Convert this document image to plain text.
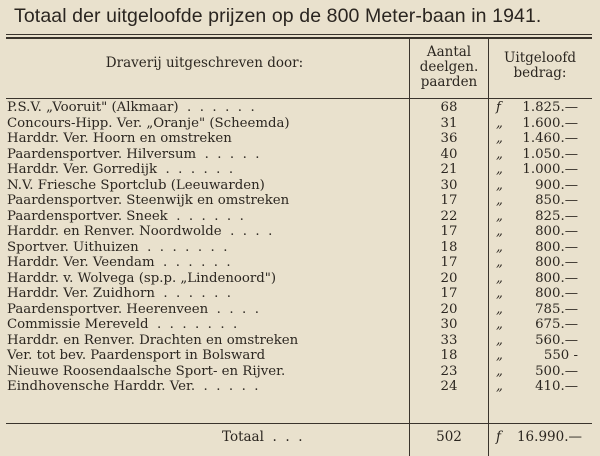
Totaal der uitgeloofde prijzen op de 800 Meter-baan in 1941.
Draverij uitgeschreven door:
Aantal
deelgen.
paarden
Uitgeloofd
bedrag:
P.S.V. „Vooruit" (Alkmaar)  .  .  .  .  .  .	68	f	1.825.—
Concours-Hipp. Ver. „Oranje" (Scheemda)	31	„	1.600.—
Harddr. Ver. Hoorn en omstreken	36	„	1.460.—
Paardensportver. Hilversum  .  .  .  .  .	40	„	1.050.—
Harddr. Ver. Gorredijk  .  .  .  .  .  .	21	„	1.000.—
N.V. Friesche Sportclub (Leeuwarden)	30	„	900.—
Paardensportver. Steenwijk en omstreken	17	„	850.—
Paardensportver. Sneek  .  .  .  .  .  .	22	„	825.—
Harddr. en Renver. Noordwolde  .  .  .  .	17	„	800.—
Sportver. Uithuizen  .  .  .  .  .  .  .	18	„	800.—
Harddr. Ver. Veendam  .  .  .  .  .  .	17	„	800.—
Harddr. v. Wolvega (sp.p. „Lindenoord")	20	„	800.—
Harddr. Ver. Zuidhorn  .  .  .  .  .  .	17	„	800.—
Paardensportver. Heerenveen  .  .  .  .	20	„	785.—
Commissie Mereveld  .  .  .  .  .  .  .	30	„	675.—
Harddr. en Renver. Drachten en omstreken	33	„	560.—
Ver. tot bev. Paardensport in Bolsward	18	„	550 -
Nieuwe Roosendaalsche Sport- en Rijver.	23	„	500.—
Eindhovensche Harddr. Ver.  .  .  .  .  .	24	„	410.—
Totaal  .  .  .	502	f	16.990.—
